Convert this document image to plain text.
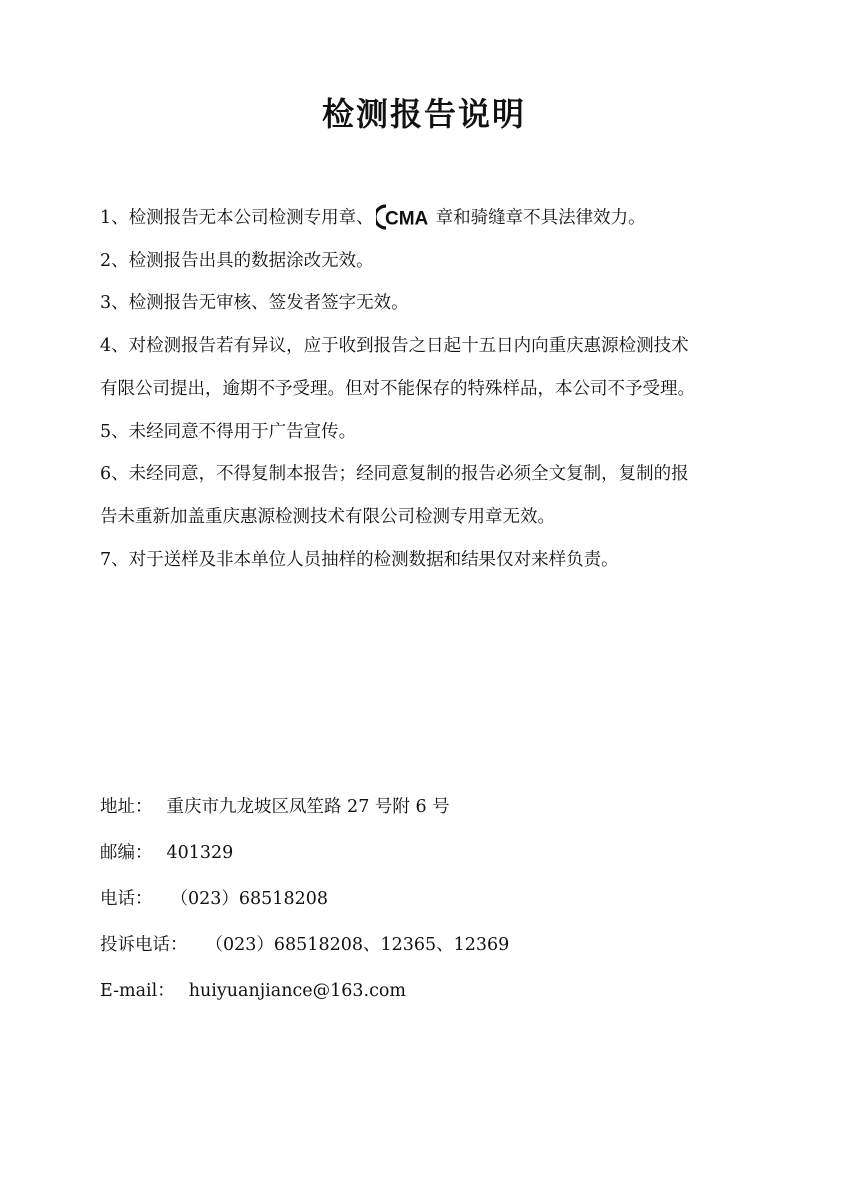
检测报告说明
1、检测报告无本公司检测专用章、 CMA 章和骑缝章不具法律效力。
2、检测报告出具的数据涂改无效。
3、检测报告无审核、签发者签字无效。
4、对检测报告若有异议，应于收到报告之日起十五日内向重庆惠源检测技术
有限公司提出，逾期不予受理。但对不能保存的特殊样品，本公司不予受理。
5、未经同意不得用于广告宣传。
6、未经同意，不得复制本报告；经同意复制的报告必须全文复制，复制的报
告未重新加盖重庆惠源检测技术有限公司检测专用章无效。
7、对于送样及非本单位人员抽样的检测数据和结果仅对来样负责。
地址： 重庆市九龙坡区凤笙路 27 号附 6 号
邮编： 401329
电话： （023）68518208
投诉电话： （023）68518208、12365、12369
E-mail： huiyuanjiance@163.com
